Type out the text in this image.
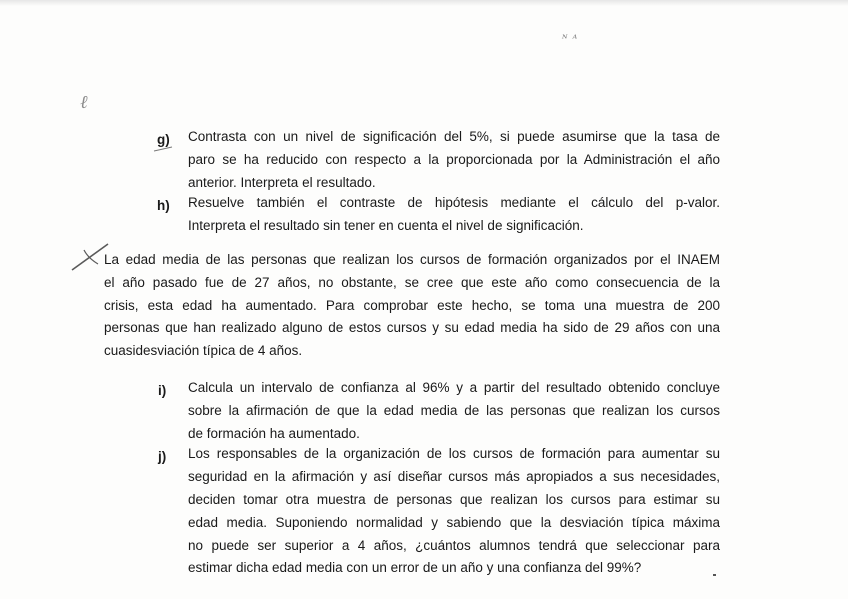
ᴺ ᴬ
ℓ
g) Contrasta con un nivel de significación del 5%, si puede asumirse que la tasa de
paro se ha reducido con respecto a la proporcionada por la Administración el año
anterior. Interpreta el resultado.
h) Resuelve también el contraste de hipótesis mediante el cálculo del p-valor.
Interpreta el resultado sin tener en cuenta el nivel de significación.
La edad media de las personas que realizan los cursos de formación organizados por el INAEM
el año pasado fue de 27 años, no obstante, se cree que este año como consecuencia de la
crisis, esta edad ha aumentado. Para comprobar este hecho, se toma una muestra de 200
personas que han realizado alguno de estos cursos y su edad media ha sido de 29 años con una
cuasidesviación típica de 4 años.
i) Calcula un intervalo de confianza al 96% y a partir del resultado obtenido concluye
sobre la afirmación de que la edad media de las personas que realizan los cursos
de formación ha aumentado.
j) Los responsables de la organización de los cursos de formación para aumentar su
seguridad en la afirmación y así diseñar cursos más apropiados a sus necesidades,
deciden tomar otra muestra de personas que realizan los cursos para estimar su
edad media. Suponiendo normalidad y sabiendo que la desviación típica máxima
no puede ser superior a 4 años, ¿cuántos alumnos tendrá que seleccionar para
estimar dicha edad media con un error de un año y una confianza del 99%?
